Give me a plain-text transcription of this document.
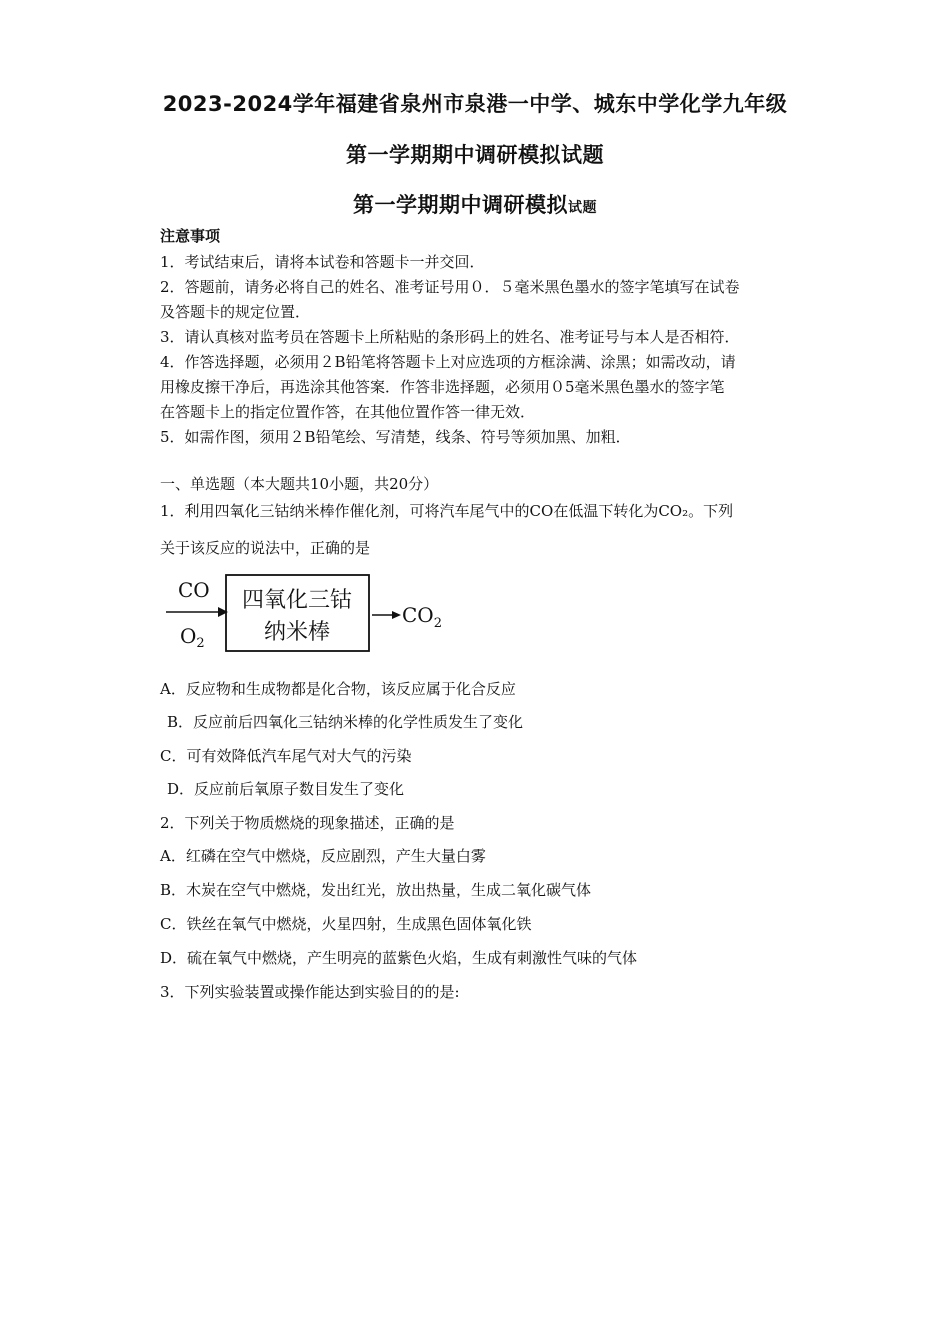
2023-2024学年福建省泉州市泉港一中学、城东中学化学九年级
第一学期期中调研模拟试题
第一学期期中调研模拟试题

注意事项

1．考试结束后，请将本试卷和答题卡一并交回．

2．答题前，请务必将自己的姓名、准考证号用０．５毫米黑色墨水的签字笔填写在试卷

及答题卡的规定位置．

3．请认真核对监考员在答题卡上所粘贴的条形码上的姓名、准考证号与本人是否相符．

4．作答选择题，必须用２B铅笔将答题卡上对应选项的方框涂满、涂黑；如需改动，请

用橡皮擦干净后，再选涂其他答案．作答非选择题，必须用０5毫米黑色墨水的签字笔

在答题卡上的指定位置作答，在其他位置作答一律无效．

5．如需作图，须用２B铅笔绘、写清楚，线条、符号等须加黑、加粗．

一、单选题（本大题共10小题，共20分）

1．利用四氧化三钴纳米棒作催化剂，可将汽车尾气中的CO在低温下转化为CO₂。下列

关于该反应的说法中，正确的是

CO
$O_2$
四氧化三钴
纳米棒
$CO_2$

A．反应物和生成物都是化合物，该反应属于化合反应

B．反应前后四氧化三钴纳米棒的化学性质发生了变化

C．可有效降低汽车尾气对大气的污染

D．反应前后氧原子数目发生了变化

2．下列关于物质燃烧的现象描述，正确的是

A．红磷在空气中燃烧，反应剧烈，产生大量白雾

B．木炭在空气中燃烧，发出红光，放出热量，生成二氧化碳气体

C．铁丝在氧气中燃烧，火星四射，生成黑色固体氧化铁

D．硫在氧气中燃烧，产生明亮的蓝紫色火焰，生成有刺激性气味的气体

3．下列实验装置或操作能达到实验目的的是:
